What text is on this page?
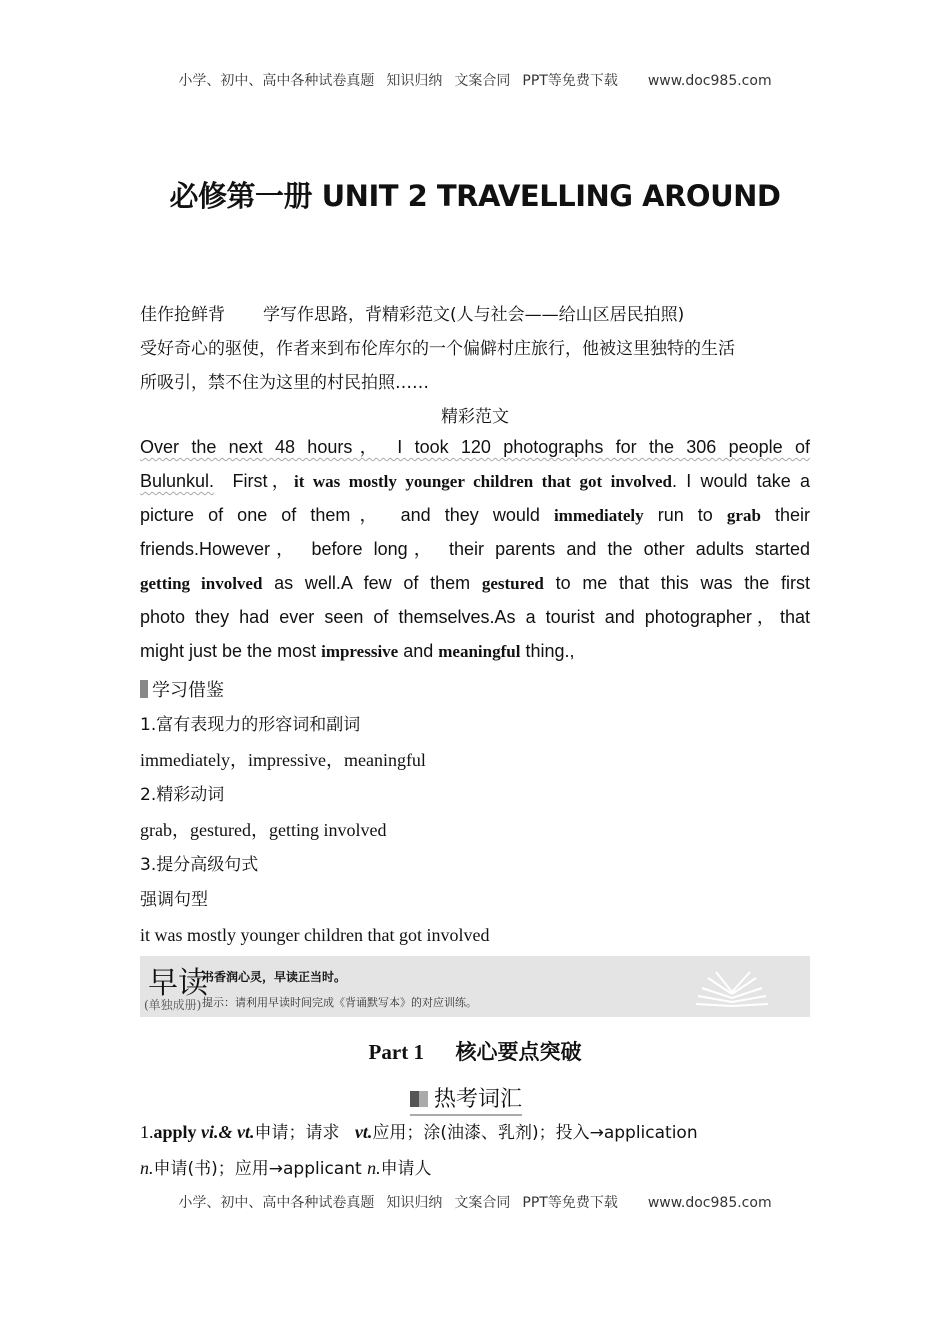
小学、初中、高中各种试卷真题 知识归纳 文案合同 PPT等免费下载 www.doc985.com
必修第一册 UNIT 2 TRAVELLING AROUND
佳作抢鲜背 学写作思路，背精彩范文(人与社会——给山区居民拍照)
受好奇心的驱使，作者来到布伦库尔的一个偏僻村庄旅行，他被这里独特的生活
所吸引，禁不住为这里的村民拍照……
精彩范文
Over the next 48 hours， I took 120 photographs for the 306 people of
Bulunkul.  First，it was mostly younger children that got involved. I would take a
picture of one of them， and they would immediately run to grab their
friends.However， before long， their parents and the other adults started
getting involved as well.A few of them gestured to me that this was the first
photo they had ever seen of themselves.As a tourist and photographer，that
might just be the most impressive and meaningful thing.,
学习借鉴
1.富有表现力的形容词和副词
immediately，impressive，meaningful
2.精彩动词
grab，gestured，getting involved
3.提分高级句式
强调句型
it was mostly younger children that got involved
早读
(单独成册)
书香润心灵，早读正当时。
提示：请利用早读时间完成《背诵默写本》的对应训练。
Part 1      核心要点突破
热考词汇
1.apply vi.& vt.申请；请求   vt.应用；涂(油漆、乳剂)；投入→application
n.申请(书)；应用→applicant n.申请人
小学、初中、高中各种试卷真题 知识归纳 文案合同 PPT等免费下载 www.doc985.com
